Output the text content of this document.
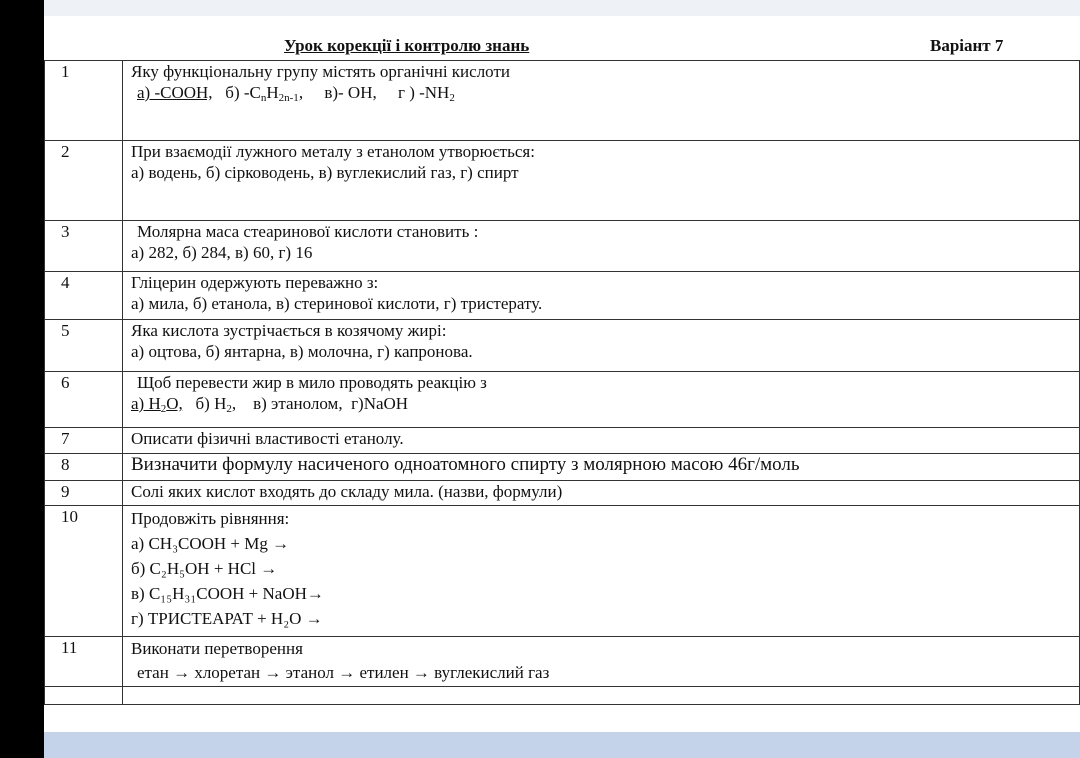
Урок корекції і контролю знань	Варіант 7
1	Яку функціональну групу містять органічні кислоти
а) -COOH, б) $-C_nH_{2n-1}$, в)- OH, г ) $-NH_2$

2	При взаємодії лужного металу з етанолом утворюється:
а) водень, б) сірководень, в) вуглекислий газ, г) спирт

3	Молярна маса стеаринової кислоти становить :
а) 282, б) 284, в) 60, г) 16

4	Гліцерин одержують переважно з:
а) мила, б) етанола, в) стеринової кислоти, г) тристерату.

5	Яка кислота зустрічається в козячому жирі:
а) оцтова, б) янтарна, в) молочна, г) капронова.

6	Щоб перевести жир в мило проводять реакцію з
а) $H_2O$, б) $H_2$, в) этанолом, г)NaOH

7	Описати фізичні властивості етанолу.

8	Визначити формулу насиченого одноатомного спирту з молярною масою 46г/моль

9	Солі яких кислот входять до складу мила. (назви, формули)

10	Продовжіть рівняння:
а) CH₃COOH + Mg →
б) C₂H₅OH + HCl →
в) C₁₅H₃₁COOH + NaOH→
г) ТРИСТЕАРАТ + H₂O →

11	Виконати перетворення
етан → хлоретан → этанол → етилен → вуглекислий газ
